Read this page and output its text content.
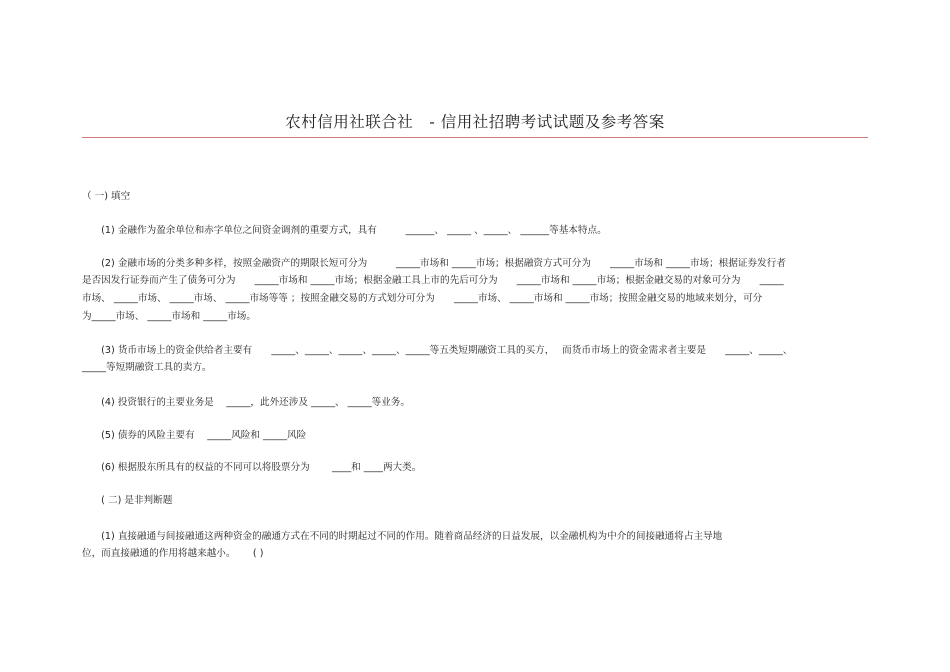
农村信用社联合社　- 信用社招聘考试试题及参考答案
（ 一) 填空
　　(1) 金融作为盈余单位和赤字单位之间资金调剂的重要方式，具有　　　______、 _____ 、_____、 ______等基本特点。
　　(2) 金融市场的分类多种多样，按照金融资产的期限长短可分为　　　_____市场和 _____市场；根据融资方式可分为　　_____市场和 _____市场；根据证券发行者
是否因发行证券而产生了债务可分为　　_____市场和 _____市场；根据金融工具上市的先后可分为　　_____市场和 _____市场；根据金融交易的对象可分为　　_____
市场、 _____市场、 _____市场、 _____市场等等 ；按照金融交易的方式划分可分为　　_____市场、 _____市场和 _____市场；按照金融交易的地域来划分，可分
为_____市场、 _____市场和 _____市场。
　　(3) 货币市场上的资金供给者主要有　　_____、_____、_____、_____、_____等五类短期融资工具的买方，　 而货币市场上的资金需求者主要是　　_____、_____、
_____等短期融资工具的卖方。
　　(4) 投资银行的主要业务是　 _____，此外还涉及 _____、 _____等业务。
　　(5) 债券的风险主要有　 _____风险和 _____风险
　　(6) 根据股东所具有的权益的不同可以将股票分为　　 ____和 ____两大类。
　　( 二) 是非判断题
　　(1) 直接融通与间接融通这两种资金的融通方式在不同的时期起过不同的作用。随着商品经济的日益发展，以金融机构为中介的间接融通将占主导地
位，而直接融通的作用将越来越小。　　 ( )
